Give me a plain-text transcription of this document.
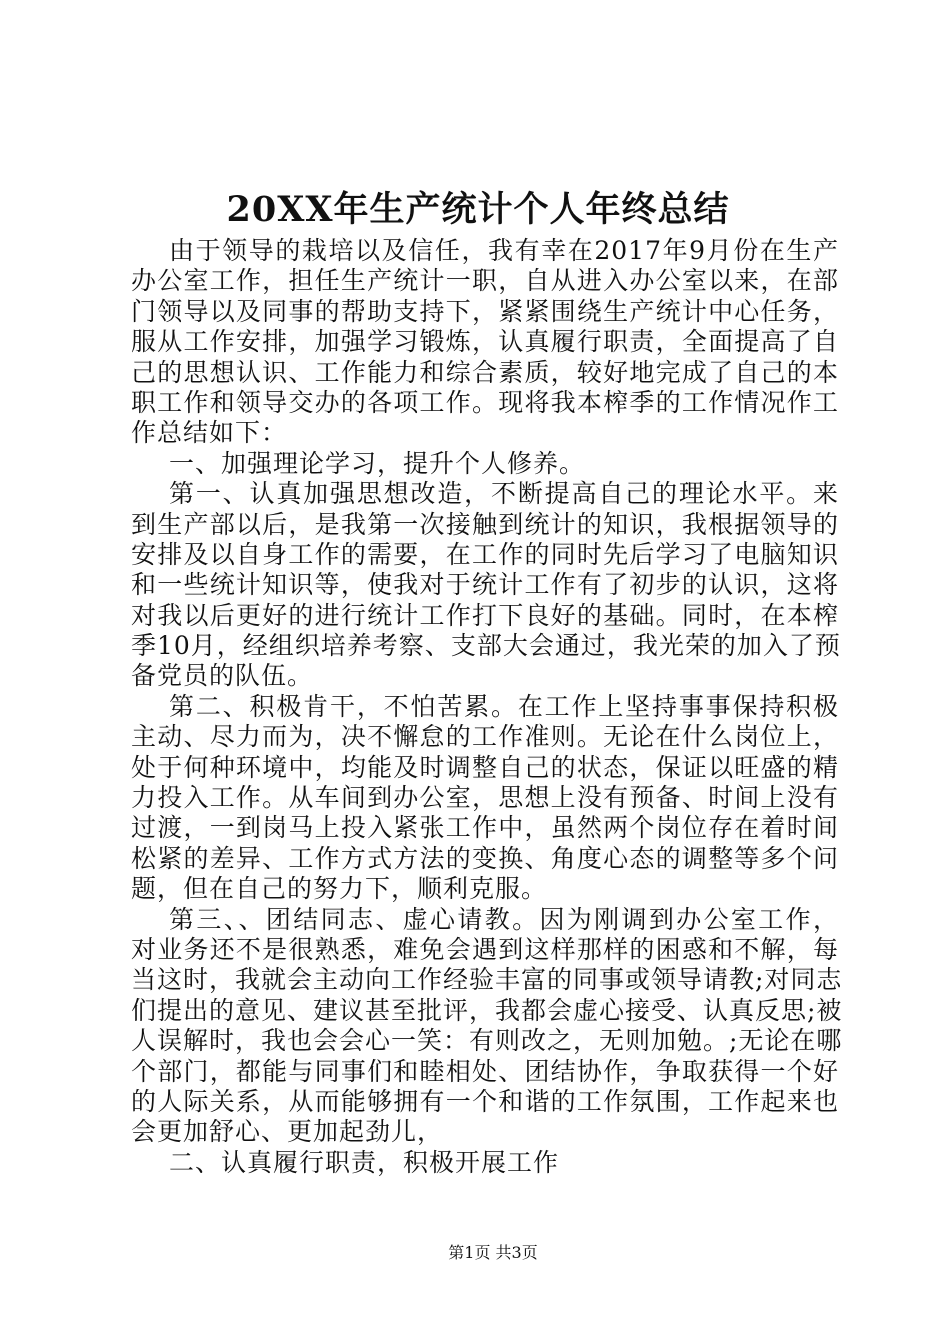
20XX年生产统计个人年终总结
由于领导的栽培以及信任，我有幸在2017年9月份在生产
办公室工作，担任生产统计一职，自从进入办公室以来，在部
门领导以及同事的帮助支持下，紧紧围绕生产统计中心任务，
服从工作安排，加强学习锻炼，认真履行职责，全面提高了自
己的思想认识、工作能力和综合素质，较好地完成了自己的本
职工作和领导交办的各项工作。现将我本榨季的工作情况作工
作总结如下：
一、加强理论学习，提升个人修养。
第一、认真加强思想改造，不断提高自己的理论水平。来
到生产部以后，是我第一次接触到统计的知识，我根据领导的
安排及以自身工作的需要，在工作的同时先后学习了电脑知识
和一些统计知识等，使我对于统计工作有了初步的认识，这将
对我以后更好的进行统计工作打下良好的基础。同时，在本榨
季10月，经组织培养考察、支部大会通过，我光荣的加入了预
备党员的队伍。
第二、积极肯干，不怕苦累。在工作上坚持事事保持积极
主动、尽力而为，决不懈怠的工作准则。无论在什么岗位上，
处于何种环境中，均能及时调整自己的状态，保证以旺盛的精
力投入工作。从车间到办公室，思想上没有预备、时间上没有
过渡，一到岗马上投入紧张工作中，虽然两个岗位存在着时间
松紧的差异、工作方式方法的变换、角度心态的调整等多个问
题，但在自己的努力下，顺利克服。
第三、、团结同志、虚心请教。因为刚调到办公室工作，
对业务还不是很熟悉，难免会遇到这样那样的困惑和不解，每
当这时，我就会主动向工作经验丰富的同事或领导请教;对同志
们提出的意见、建议甚至批评，我都会虚心接受、认真反思;被
人误解时，我也会会心一笑：有则改之，无则加勉。;无论在哪
个部门，都能与同事们和睦相处、团结协作，争取获得一个好
的人际关系，从而能够拥有一个和谐的工作氛围，工作起来也
会更加舒心、更加起劲儿，
二、认真履行职责，积极开展工作
第1页 共3页
